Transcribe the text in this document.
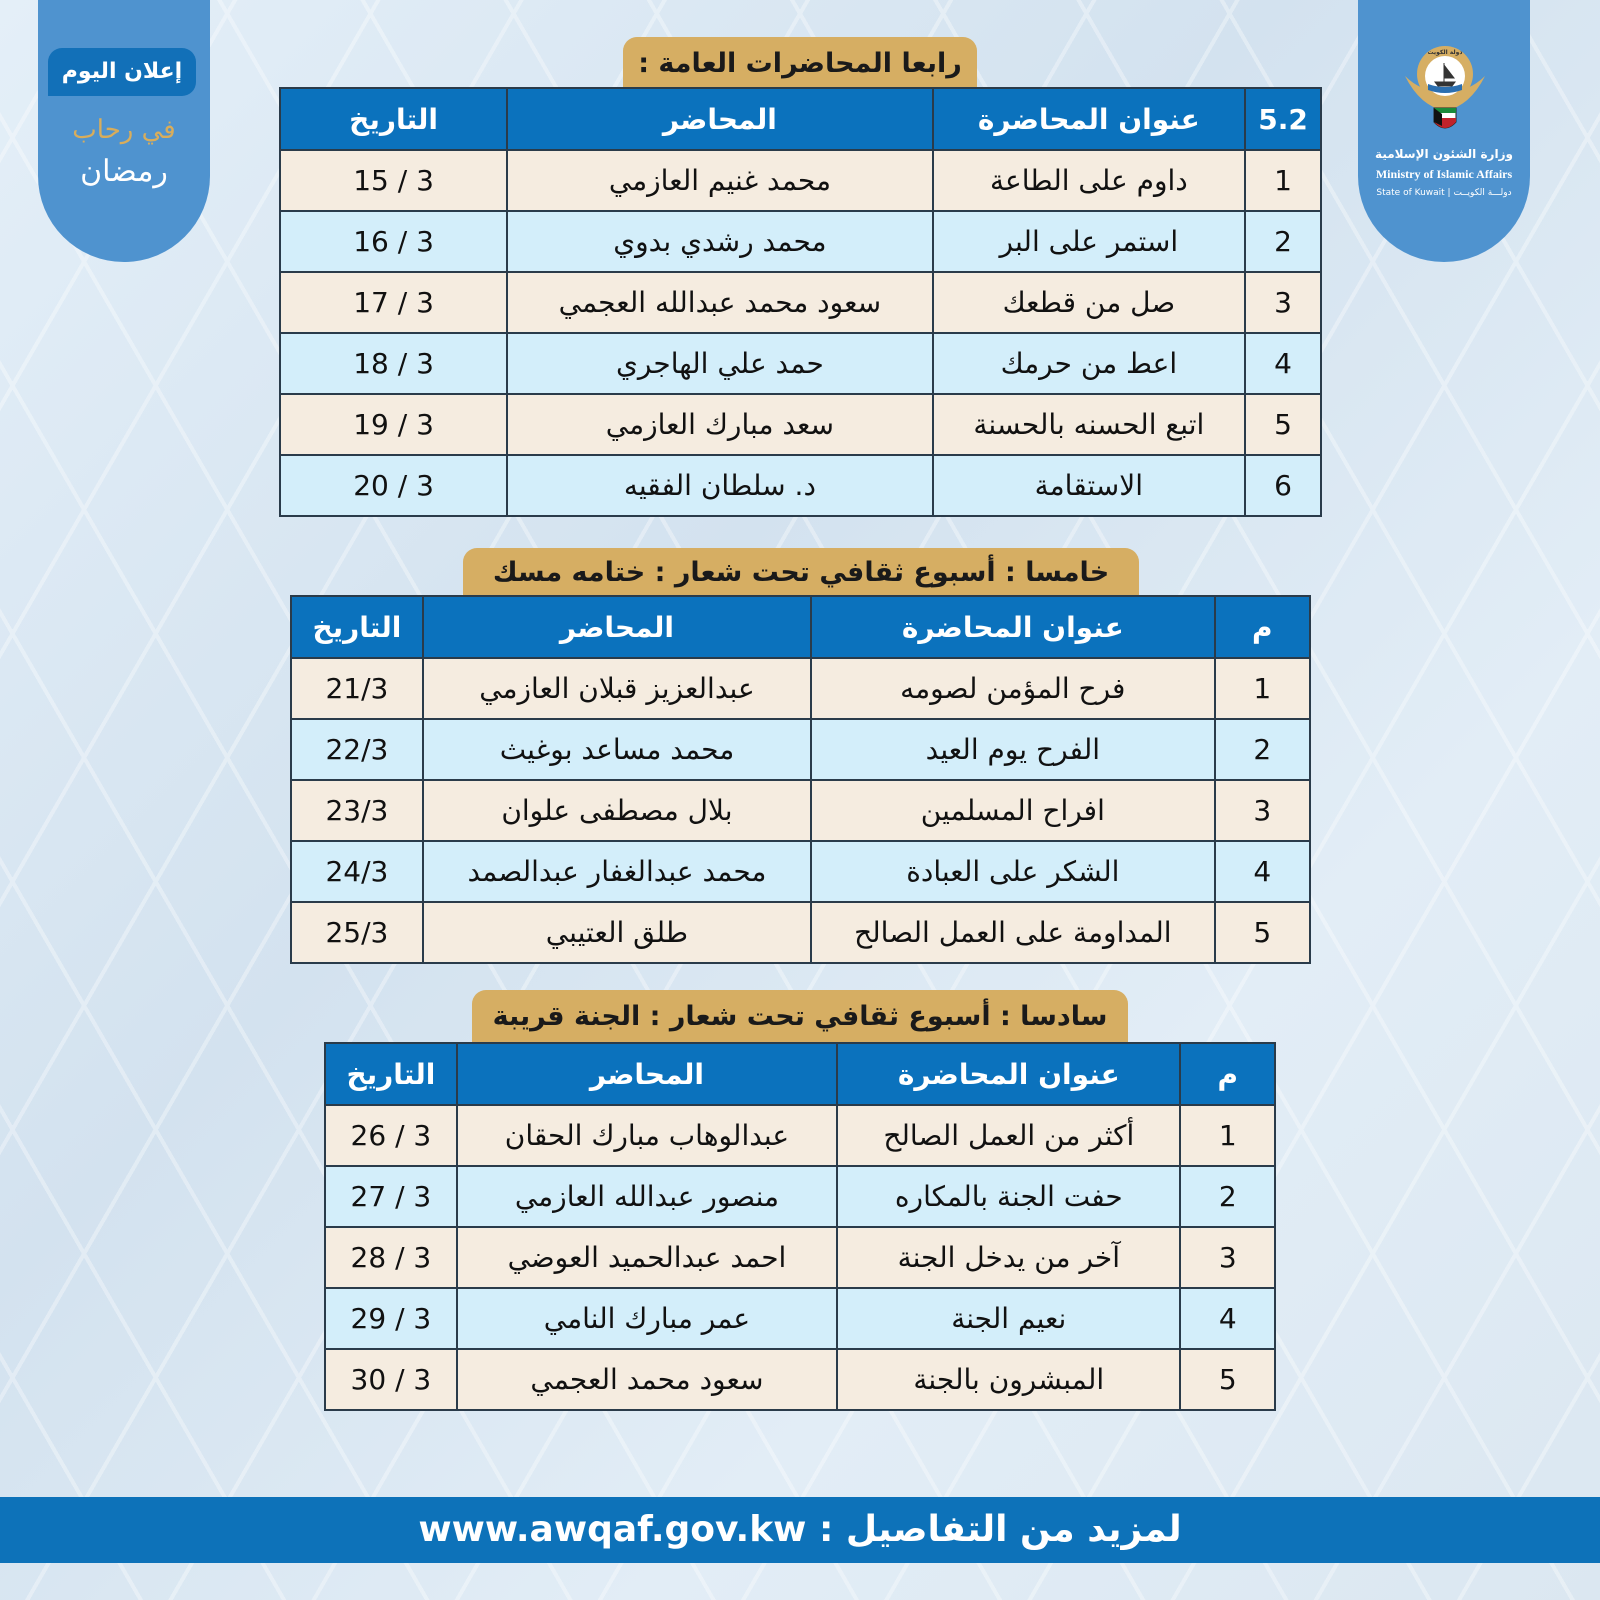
إعلان اليوم
في رحاب
رمضان
دولة الكويت
وزارة الشئون الإسلامية
Ministry of Islamic Affairs
State of Kuwait | دولـــة الكويــت
رابعا المحاضرات العامة :
5.2	عنوان المحاضرة	المحاضر	التاريخ
1	داوم على الطاعة	محمد غنيم العازمي	3 / 15
2	استمر على البر	محمد رشدي بدوي	3 / 16
3	صل من قطعك	سعود محمد عبدالله العجمي	3 / 17
4	اعط من حرمك	حمد علي الهاجري	3 / 18
5	اتبع الحسنه بالحسنة	سعد مبارك العازمي	3 / 19
6	الاستقامة	د. سلطان الفقيه	3 / 20
خامسا : أسبوع ثقافي تحت شعار : ختامه مسك
م	عنوان المحاضرة	المحاضر	التاريخ
1	فرح المؤمن لصومه	عبدالعزيز قبلان العازمي	21/3
2	الفرح يوم العيد	محمد مساعد بوغيث	22/3
3	افراح المسلمين	بلال مصطفى علوان	23/3
4	الشكر على العبادة	محمد عبدالغفار عبدالصمد	24/3
5	المداومة على العمل الصالح	طلق العتيبي	25/3
سادسا : أسبوع ثقافي تحت شعار : الجنة قريبة
م	عنوان المحاضرة	المحاضر	التاريخ
1	أكثر من العمل الصالح	عبدالوهاب مبارك الحقان	3 / 26
2	حفت الجنة بالمكاره	منصور عبدالله العازمي	3 / 27
3	آخر من يدخل الجنة	احمد عبدالحميد العوضي	3 / 28
4	نعيم الجنة	عمر مبارك النامي	3 / 29
5	المبشرون بالجنة	سعود محمد العجمي	3 / 30
لمزيد من التفاصيل : www.awqaf.gov.kw
